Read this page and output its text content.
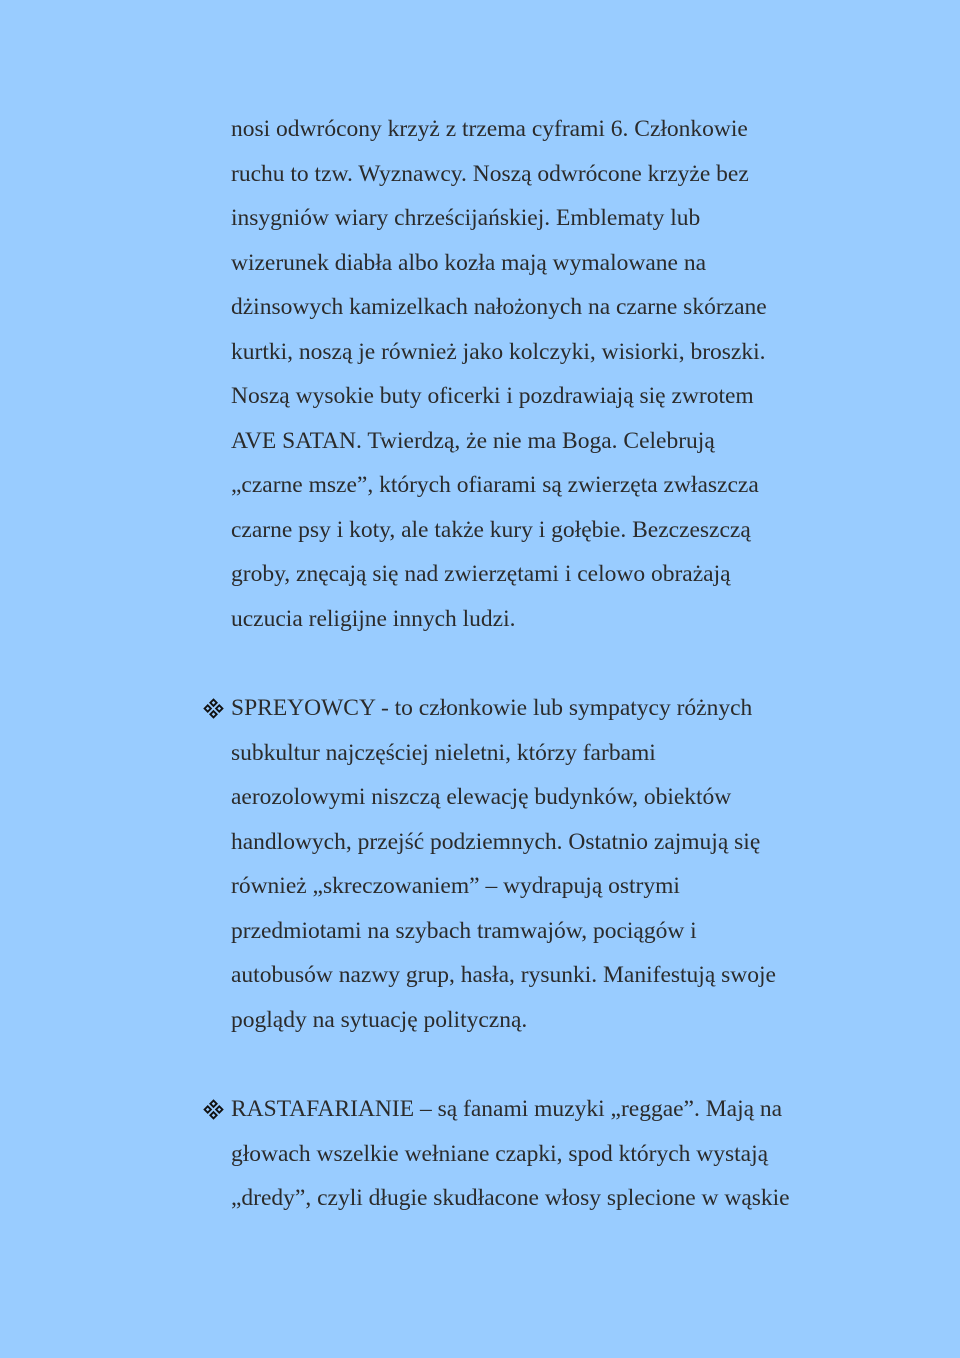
nosi odwrócony krzyż z trzema cyframi 6. Członkowie
ruchu to tzw. Wyznawcy. Noszą odwrócone krzyże bez
insygniów wiary chrześcijańskiej. Emblematy lub
wizerunek diabła albo kozła mają wymalowane na
dżinsowych kamizelkach nałożonych na czarne skórzane
kurtki, noszą je również jako kolczyki, wisiorki, broszki.
Noszą wysokie buty oficerki i pozdrawiają się zwrotem
AVE SATAN. Twierdzą, że nie ma Boga. Celebrują
„czarne msze”, których ofiarami są zwierzęta zwłaszcza
czarne psy i koty, ale także kury i gołębie. Bezczeszczą
groby, znęcają się nad zwierzętami i celowo obrażają
uczucia religijne innych ludzi.
SPREYOWCY - to członkowie lub sympatycy różnych
subkultur najczęściej nieletni, którzy farbami
aerozolowymi niszczą elewację budynków, obiektów
handlowych, przejść podziemnych. Ostatnio zajmują się
również „skreczowaniem” – wydrapują ostrymi
przedmiotami na szybach tramwajów, pociągów i
autobusów nazwy grup, hasła, rysunki. Manifestują swoje
poglądy na sytuację polityczną.
RASTAFARIANIE – są fanami muzyki „reggae”. Mają na
głowach wszelkie wełniane czapki, spod których wystają
„dredy”, czyli długie skudłacone włosy splecione w wąskie
